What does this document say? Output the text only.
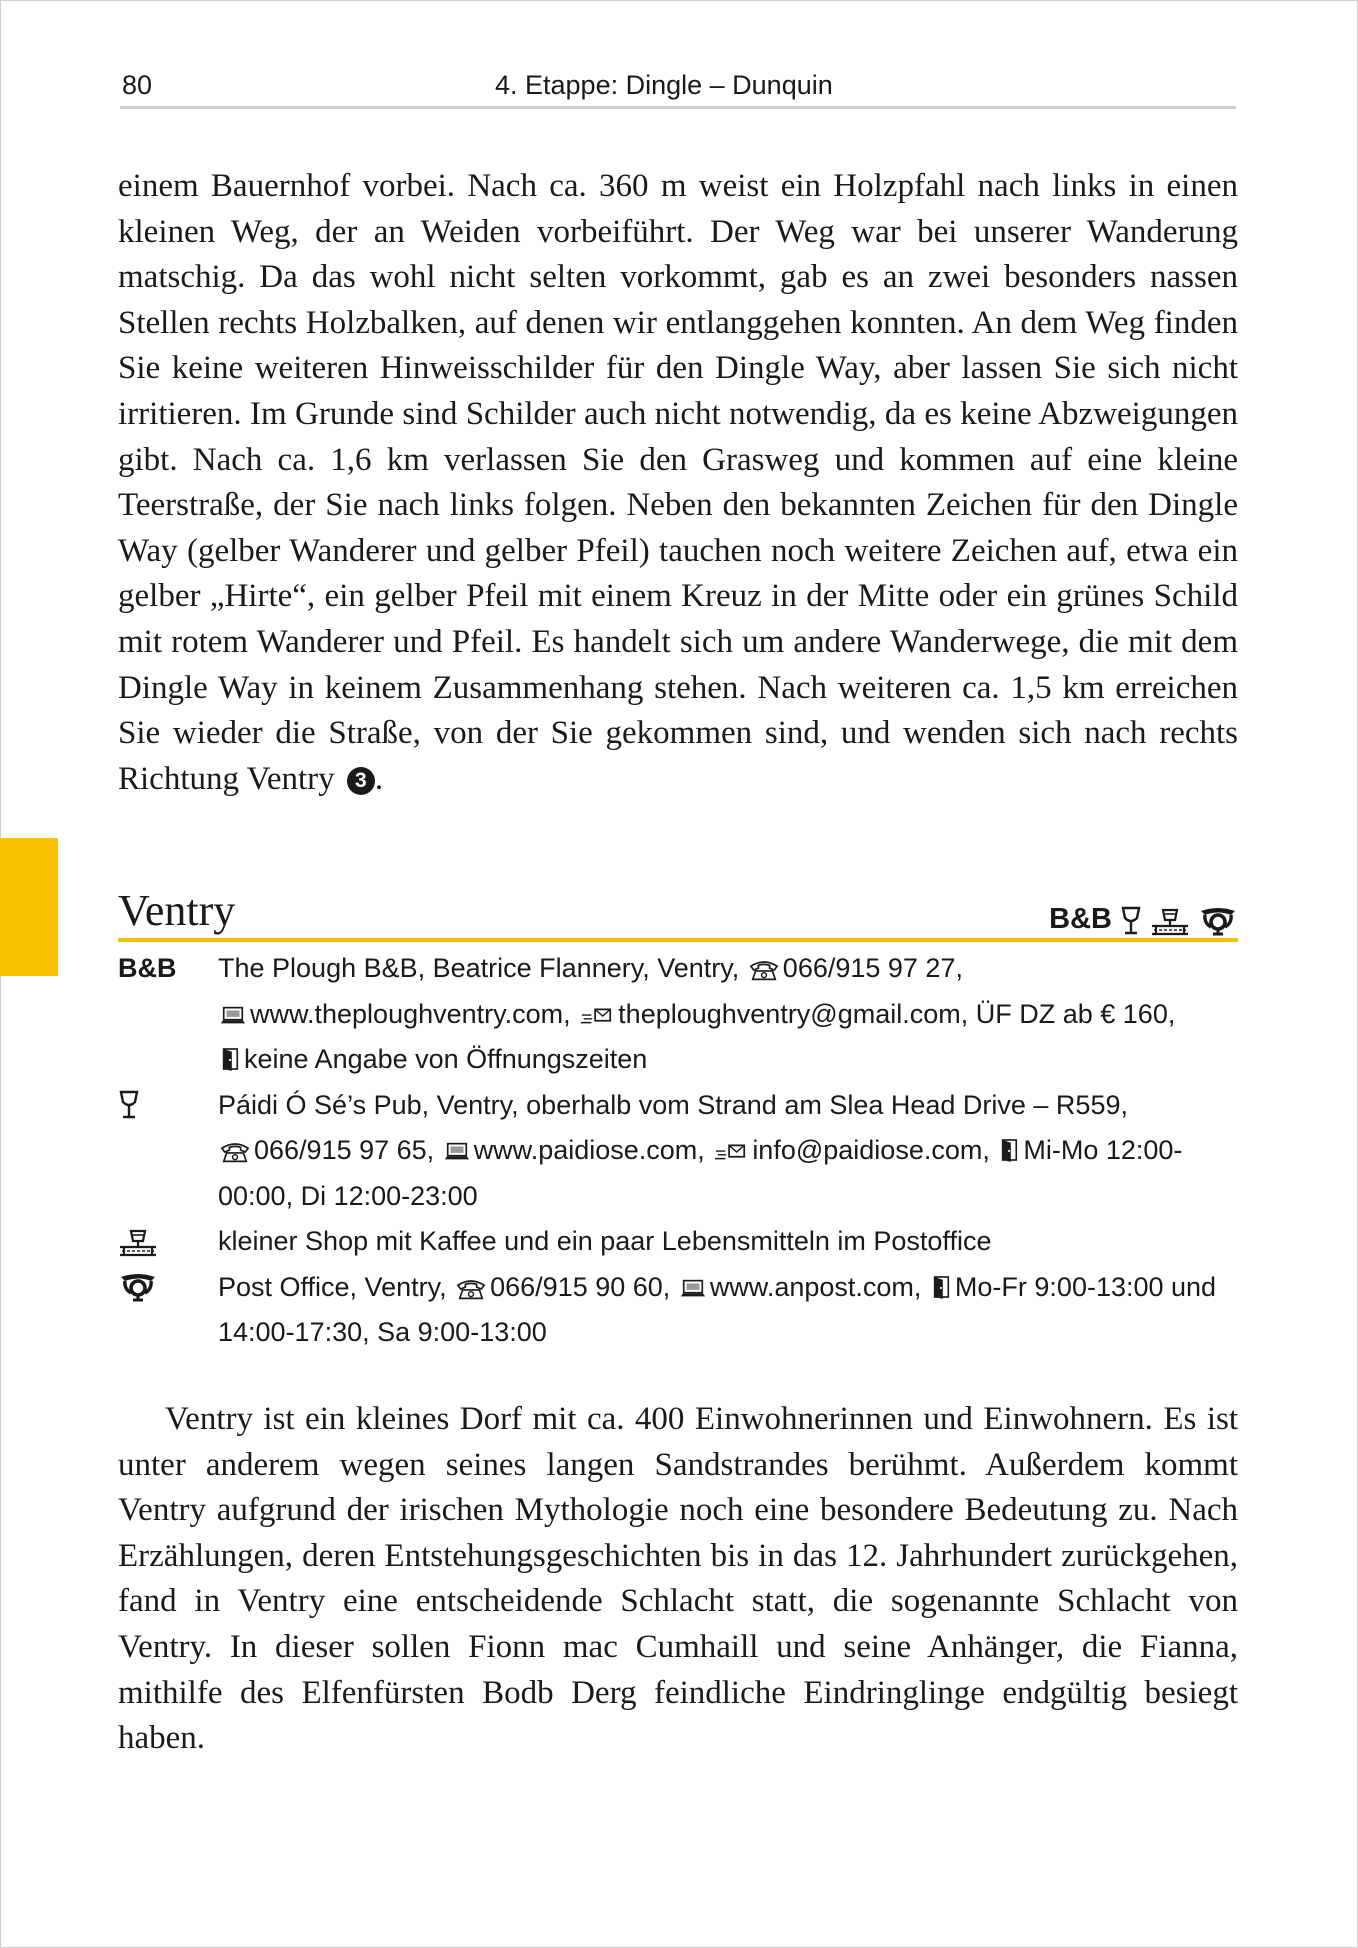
80	4. Etappe: Dingle – Dunquin

einem Bauernhof vorbei. Nach ca. 360 m weist ein Holzpfahl nach links in einen kleinen Weg, der an Weiden vorbeiführt. Der Weg war bei unserer Wanderung matschig. Da das wohl nicht selten vorkommt, gab es an zwei besonders nassen Stellen rechts Holzbalken, auf denen wir entlanggehen konnten. An dem Weg finden Sie keine weiteren Hinweisschilder für den Dingle Way, aber lassen Sie sich nicht irritieren. Im Grunde sind Schilder auch nicht notwendig, da es keine Abzweigungen gibt. Nach ca. 1,6 km verlassen Sie den Grasweg und kommen auf eine kleine Teerstraße, der Sie nach links folgen. Neben den bekannten Zeichen für den Dingle Way (gelber Wanderer und gelber Pfeil) tauchen noch weitere Zeichen auf, etwa ein gelber „Hirte“, ein gelber Pfeil mit einem Kreuz in der Mitte oder ein grünes Schild mit rotem Wanderer und Pfeil. Es handelt sich um andere Wanderwege, die mit dem Dingle Way in keinem Zusammenhang stehen. Nach weiteren ca. 1,5 km erreichen Sie wieder die Straße, von der Sie gekommen sind, und wenden sich nach rechts Richtung Ventry 3 .

Ventry	B&B
B&B	The Plough B&B, Beatrice Flannery, Ventry, 066/915 97 27,
www.theploughventry.com, theploughventry@gmail.com, ÜF DZ ab € 160,
keine Angabe von Öffnungszeiten
Páidi Ó Sé’s Pub, Ventry, oberhalb vom Strand am Slea Head Drive – R559,
066/915 97 65, www.paidiose.com, info@paidiose.com, Mi-Mo 12:00-
00:00, Di 12:00-23:00
kleiner Shop mit Kaffee und ein paar Lebensmitteln im Postoffice
Post Office, Ventry, 066/915 90 60, www.anpost.com, Mo-Fr 9:00-13:00 und
14:00-17:30, Sa 9:00-13:00

Ventry ist ein kleines Dorf mit ca. 400 Einwohnerinnen und Einwohnern. Es ist unter anderem wegen seines langen Sandstrandes berühmt. Außerdem kommt Ventry aufgrund der irischen Mythologie noch eine besondere Bedeutung zu. Nach Erzählungen, deren Entstehungsgeschichten bis in das 12. Jahrhundert zurückgehen, fand in Ventry eine entscheidende Schlacht statt, die sogenannte Schlacht von Ventry. In dieser sollen Fionn mac Cumhaill und seine Anhänger, die Fianna, mithilfe des Elfenfürsten Bodb Derg feindliche Eindringlinge endgültig besiegt haben.
